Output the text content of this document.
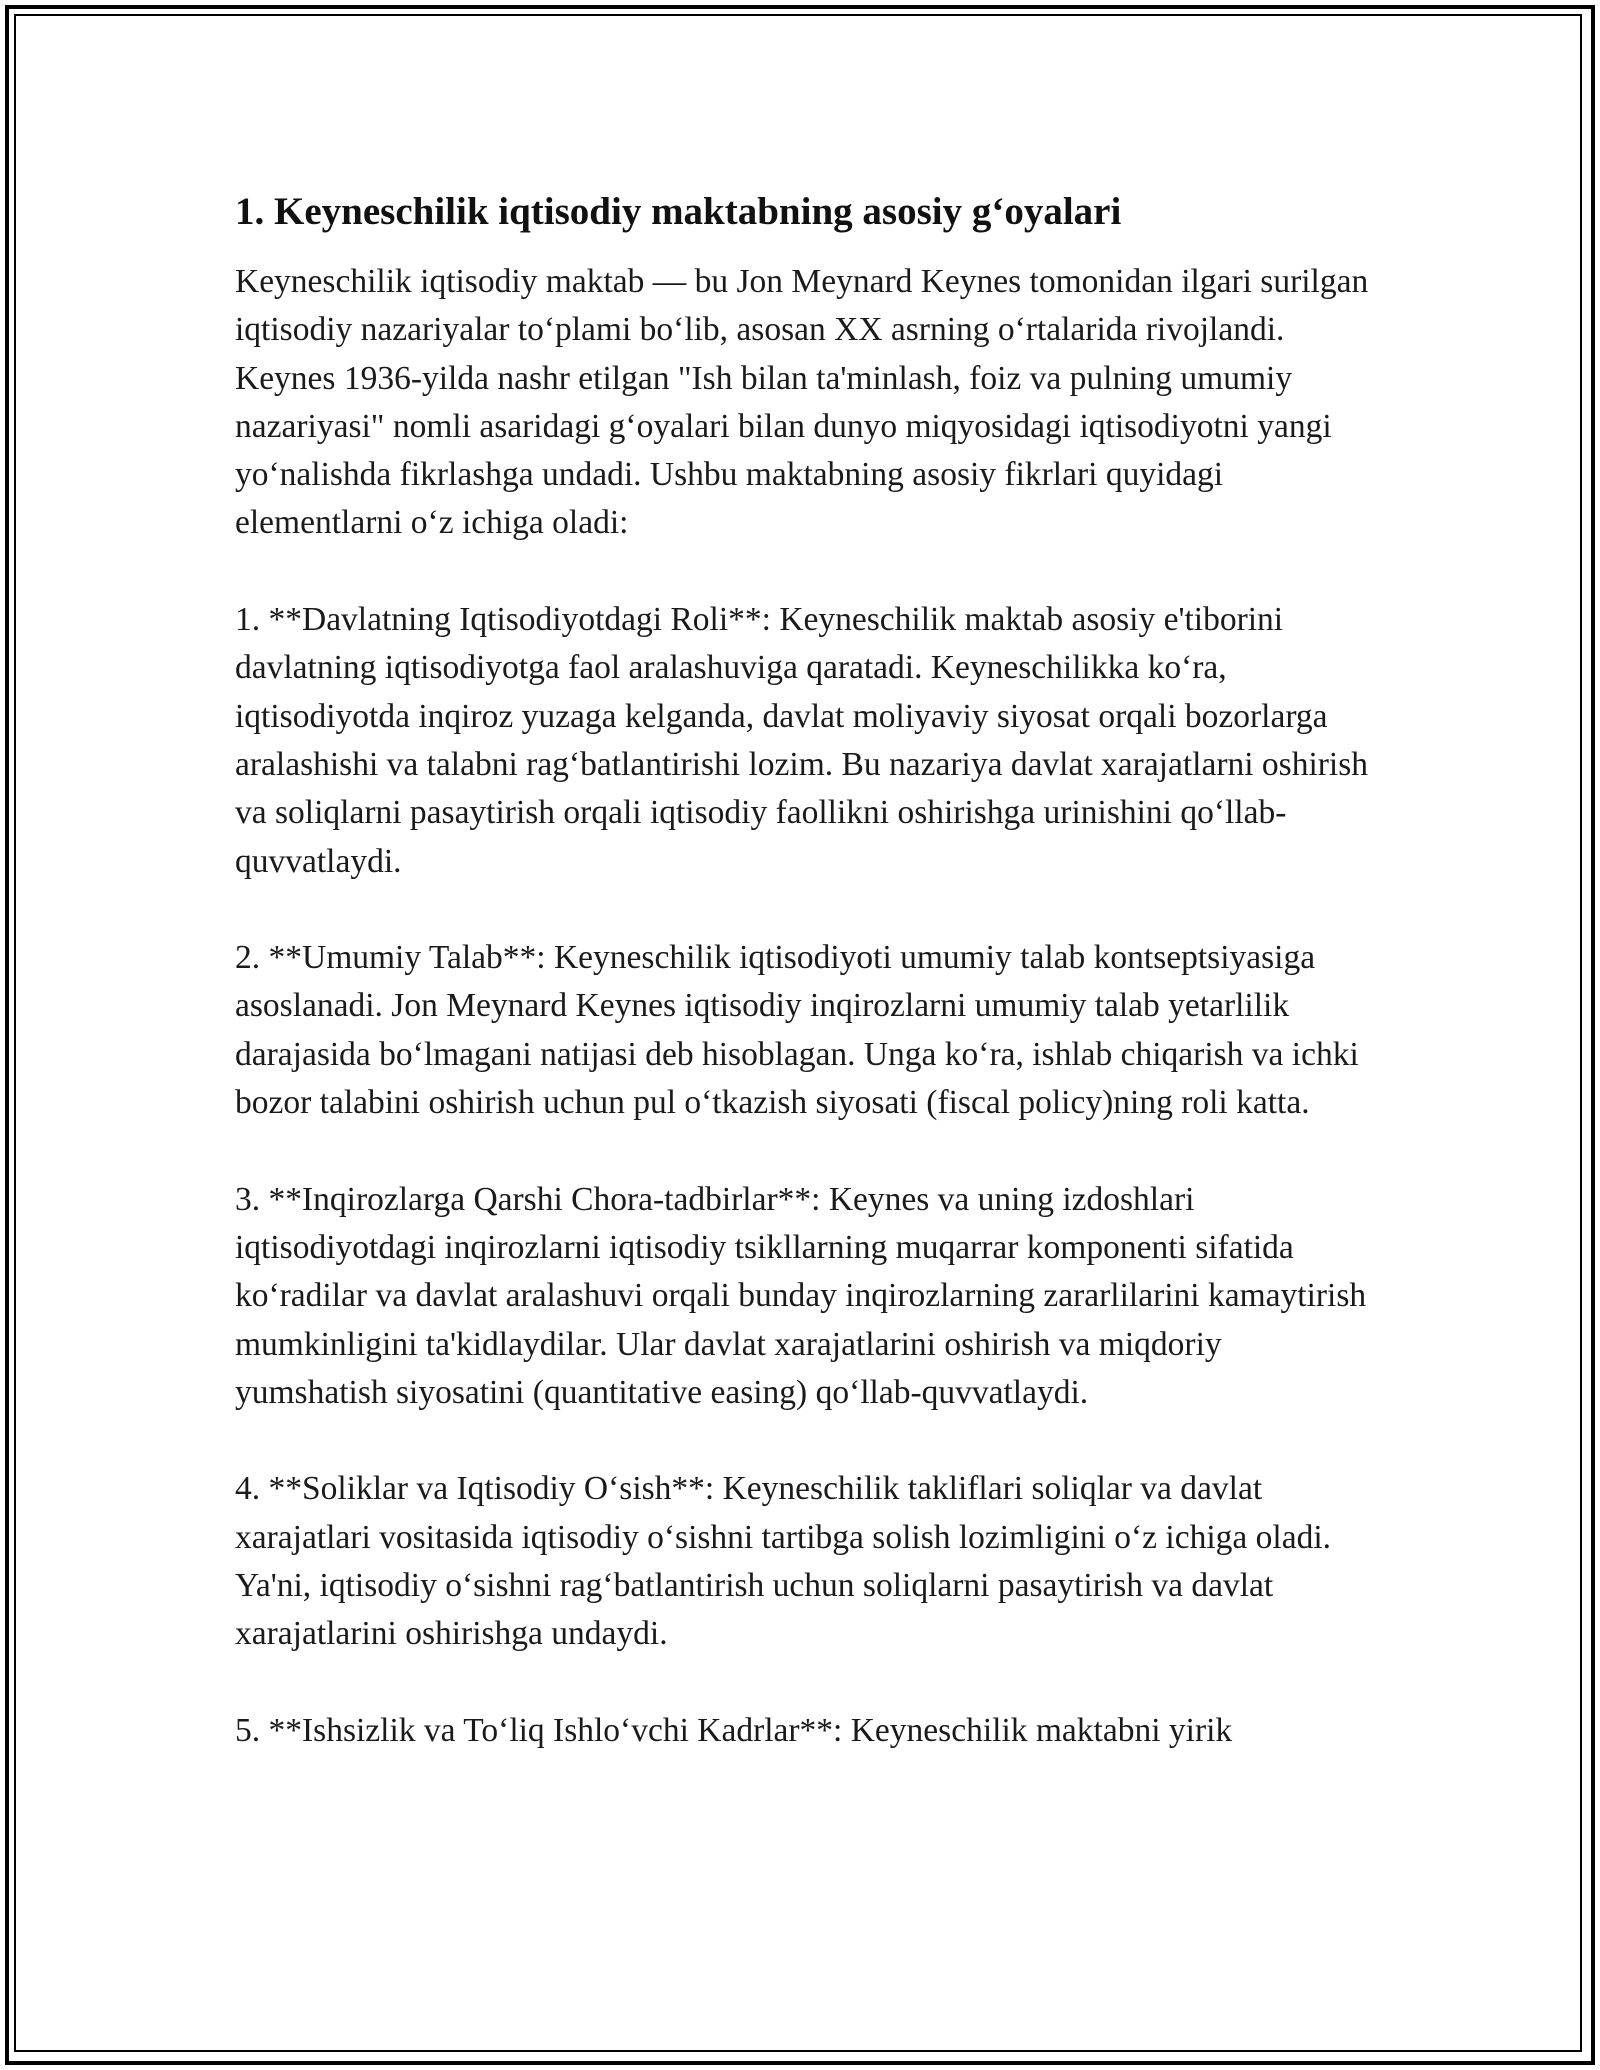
1. Keyneschilik iqtisodiy maktabning asosiy g‘oyalari

Keyneschilik iqtisodiy maktab — bu Jon Meynard Keynes tomonidan ilgari surilgan iqtisodiy nazariyalar to‘plami bo‘lib, asosan XX asrning o‘rtalarida rivojlandi. Keynes 1936-yilda nashr etilgan "Ish bilan ta'minlash, foiz va pulning umumiy nazariyasi" nomli asaridagi g‘oyalari bilan dunyo miqyosidagi iqtisodiyotni yangi yo‘nalishda fikrlashga undadi. Ushbu maktabning asosiy fikrlari quyidagi elementlarni o‘z ichiga oladi:

1. **Davlatning Iqtisodiyotdagi Roli**: Keyneschilik maktab asosiy e'tiborini davlatning iqtisodiyotga faol aralashuviga qaratadi. Keyneschilikka ko‘ra, iqtisodiyotda inqiroz yuzaga kelganda, davlat moliyaviy siyosat orqali bozorlarga aralashishi va talabni rag‘batlantirishi lozim. Bu nazariya davlat xarajatlarni oshirish va soliqlarni pasaytirish orqali iqtisodiy faollikni oshirishga urinishini qo‘llab-quvvatlaydi.

2. **Umumiy Talab**: Keyneschilik iqtisodiyoti umumiy talab kontseptsiyasiga asoslanadi. Jon Meynard Keynes iqtisodiy inqirozlarni umumiy talab yetarlilik darajasida bo‘lmagani natijasi deb hisoblagan. Unga ko‘ra, ishlab chiqarish va ichki bozor talabini oshirish uchun pul o‘tkazish siyosati (fiscal policy)ning roli katta.

3. **Inqirozlarga Qarshi Chora-tadbirlar**: Keynes va uning izdoshlari iqtisodiyotdagi inqirozlarni iqtisodiy tsikllarning muqarrar komponenti sifatida ko‘radilar va davlat aralashuvi orqali bunday inqirozlarning zararlilarini kamaytirish mumkinligini ta'kidlaydilar. Ular davlat xarajatlarini oshirish va miqdoriy yumshatish siyosatini (quantitative easing) qo‘llab-quvvatlaydi.

4. **Soliklar va Iqtisodiy O‘sish**: Keyneschilik takliflari soliqlar va davlat xarajatlari vositasida iqtisodiy o‘sishni tartibga solish lozimligini o‘z ichiga oladi. Ya'ni, iqtisodiy o‘sishni rag‘batlantirish uchun soliqlarni pasaytirish va davlat xarajatlarini oshirishga undaydi.

5. **Ishsizlik va To‘liq Ishlo‘vchi Kadrlar**: Keyneschilik maktabni yirik
